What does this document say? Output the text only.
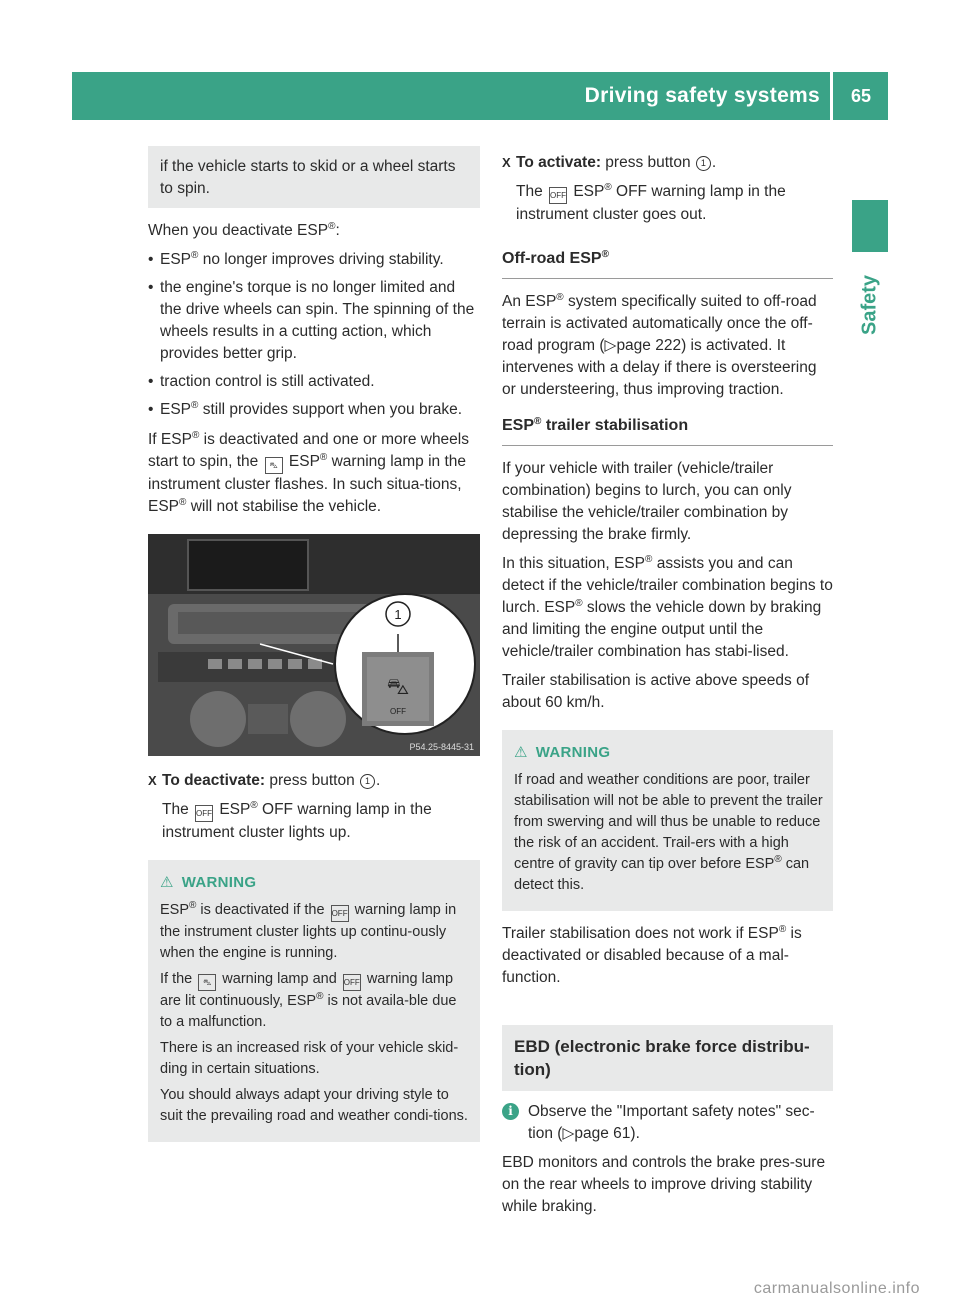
Driving safety systems	65
Safety
if the vehicle starts to skid or a wheel starts to spin.

When you deactivate ESP®:

• ESP® no longer improves driving stability.
• the engine's torque is no longer limited and the drive wheels can spin. The spinning of the wheels results in a cutting action, which provides better grip.
• traction control is still activated.
• ESP® still provides support when you brake.

If ESP® is deactivated and one or more wheels start to spin, the ⛍ ESP® warning lamp in the instrument cluster flashes. In such situa-tions, ESP® will not stabilise the vehicle.

⛍
OFF
1
P54.25-8445-31
X To deactivate: press button 1 .
The OFF ESP® OFF warning lamp in the instrument cluster lights up.
⚠ WARNING

ESP® is deactivated if the OFF warning lamp in the instrument cluster lights up continu-ously when the engine is running.

If the ⛍ warning lamp and OFF warning lamp are lit continuously, ESP® is not availa-ble due to a malfunction.

There is an increased risk of your vehicle skid-ding in certain situations.

You should always adapt your driving style to suit the prevailing road and weather condi-tions.

X To activate: press button 1 .
The OFF ESP® OFF warning lamp in the instrument cluster goes out.
Off-road ESP®

An ESP® system specifically suited to off-road terrain is activated automatically once the off-road program (▷page 222) is activated. It intervenes with a delay if there is oversteering or understeering, thus improving traction.

ESP® trailer stabilisation

If your vehicle with trailer (vehicle/trailer combination) begins to lurch, you can only stabilise the vehicle/trailer combination by depressing the brake firmly.

In this situation, ESP® assists you and can detect if the vehicle/trailer combination begins to lurch. ESP® slows the vehicle down by braking and limiting the engine output until the vehicle/trailer combination has stabi-lised.

Trailer stabilisation is active above speeds of about 60 km/h.

⚠ WARNING

If road and weather conditions are poor, trailer stabilisation will not be able to prevent the trailer from swerving and will thus be unable to reduce the risk of an accident. Trail-ers with a high centre of gravity can tip over before ESP® can detect this.

Trailer stabilisation does not work if ESP® is deactivated or disabled because of a mal-function.

EBD (electronic brake force distribu-tion)
i Observe the "Important safety notes" sec-tion (▷page 61).

EBD monitors and controls the brake pres-sure on the rear wheels to improve driving stability while braking.

carmanualsonline.info
